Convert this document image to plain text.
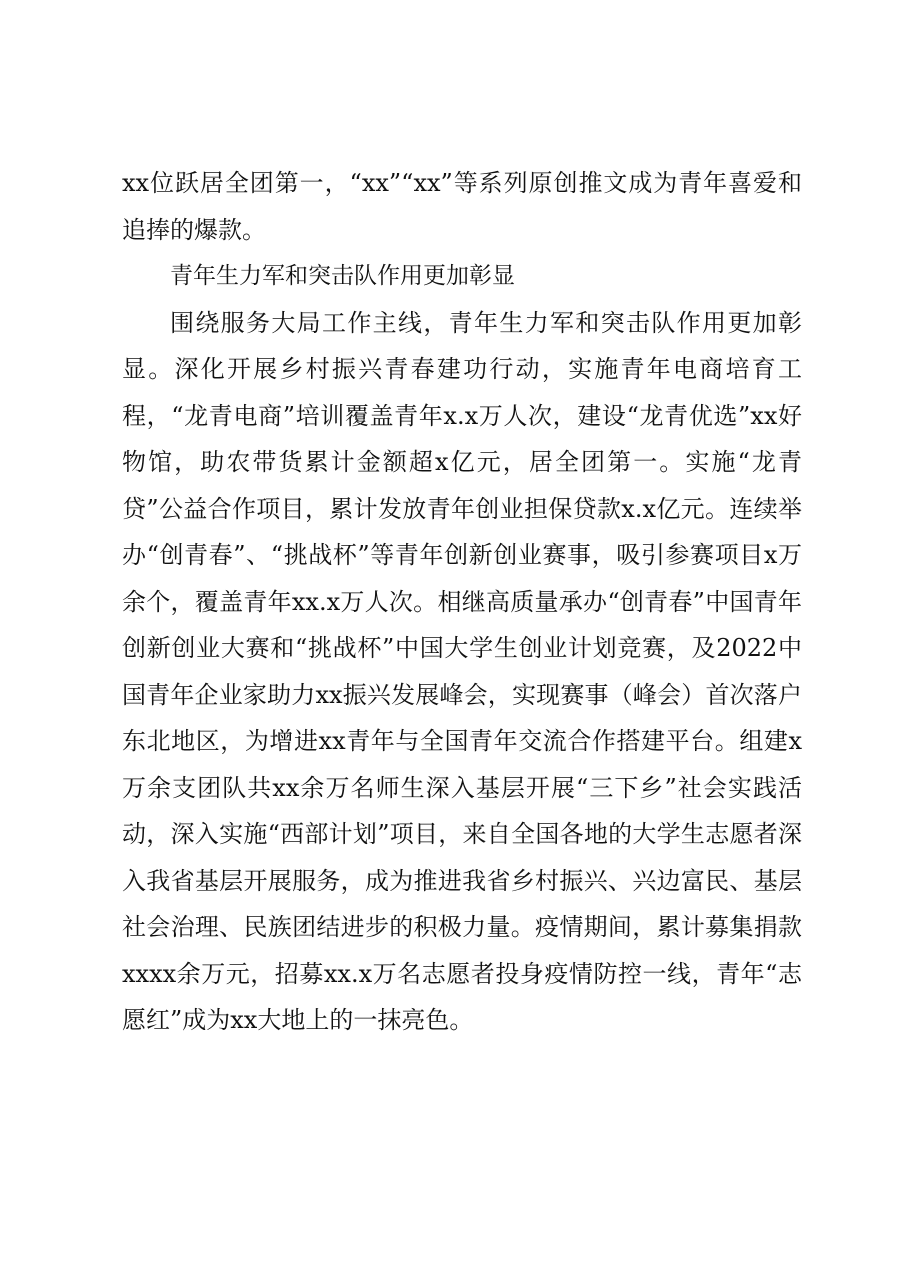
xx位跃居全团第一，“xx”“xx”等系列原创推文成为青年喜爱和追捧的爆款。

青年生力军和突击队作用更加彰显

围绕服务大局工作主线，青年生力军和突击队作用更加彰显。深化开展乡村振兴青春建功行动，实施青年电商培育工程，“龙青电商”培训覆盖青年x.x万人次，建设“龙青优选”xx好物馆，助农带货累计金额超x亿元，居全团第一。实施“龙青贷”公益合作项目，累计发放青年创业担保贷款x.x亿元。连续举办“创青春”、“挑战杯”等青年创新创业赛事，吸引参赛项目x万余个，覆盖青年xx.x万人次。相继高质量承办“创青春”中国青年创新创业大赛和“挑战杯”中国大学生创业计划竞赛，及2022中国青年企业家助力xx振兴发展峰会，实现赛事（峰会）首次落户东北地区，为增进xx青年与全国青年交流合作搭建平台。组建x万余支团队共xx余万名师生深入基层开展“三下乡”社会实践活动，深入实施“西部计划”项目，来自全国各地的大学生志愿者深入我省基层开展服务，成为推进我省乡村振兴、兴边富民、基层社会治理、民族团结进步的积极力量。疫情期间，累计募集捐款xxxx余万元，招募xx.x万名志愿者投身疫情防控一线，青年“志愿红”成为xx大地上的一抹亮色。
